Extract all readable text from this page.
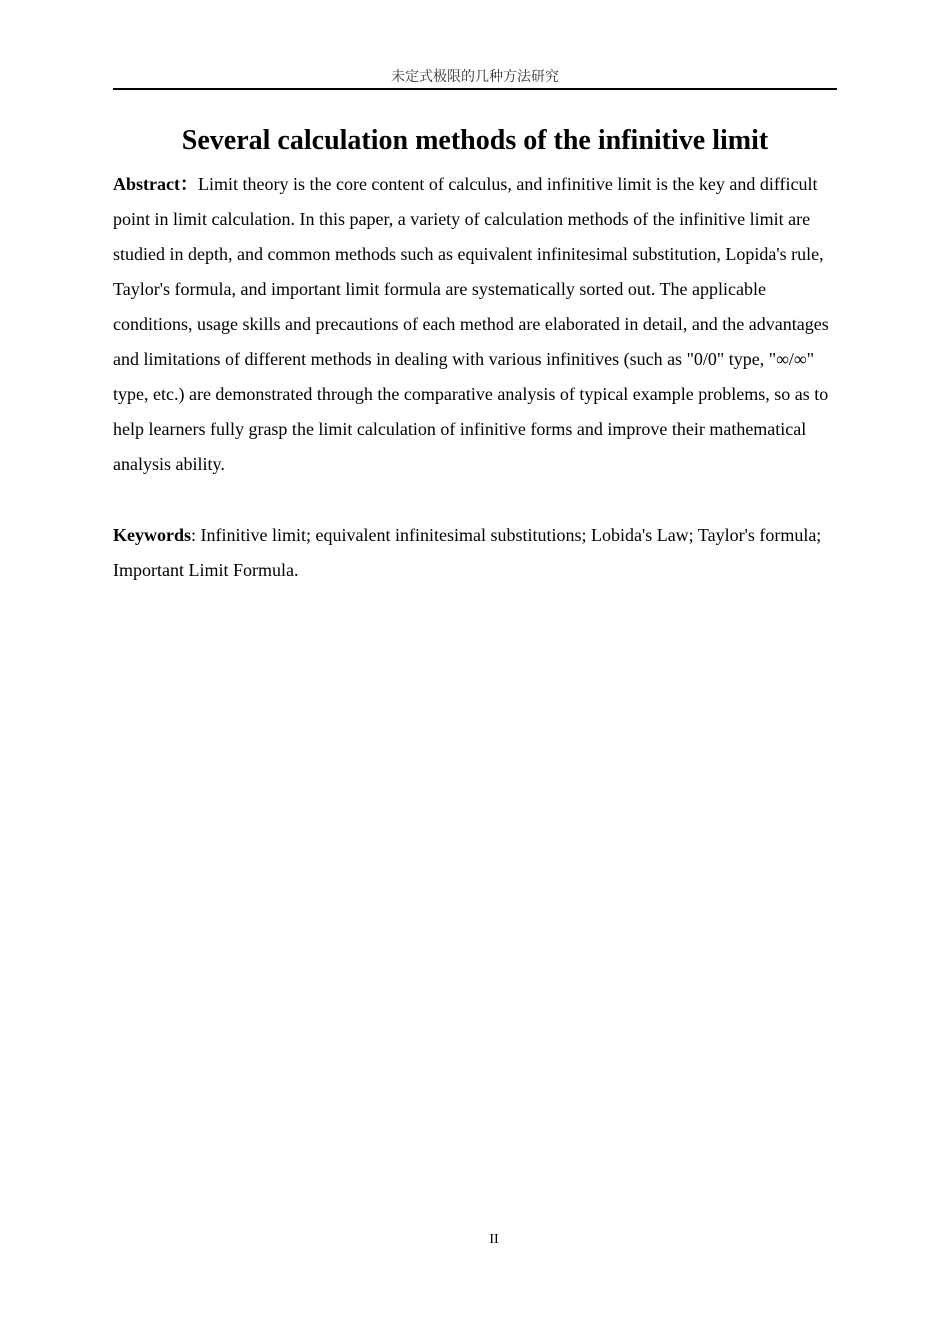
未定式极限的几种方法研究
Several calculation methods of the infinitive limit

Abstract：Limit theory is the core content of calculus, and infinitive limit is the key and difficult point in limit calculation. In this paper, a variety of calculation methods of the infinitive limit are studied in depth, and common methods such as equivalent infinitesimal substitution, Lopida's rule, Taylor's formula, and important limit formula are systematically sorted out. The applicable conditions, usage skills and precautions of each method are elaborated in detail, and the advantages and limitations of different methods in dealing with various infinitives (such as "0/0" type, "∞/∞" type, etc.) are demonstrated through the comparative analysis of typical example problems, so as to help learners fully grasp the limit calculation of infinitive forms and improve their mathematical analysis ability.

Keywords: Infinitive limit; equivalent infinitesimal substitutions; Lobida's Law; Taylor's formula; Important Limit Formula.

II
